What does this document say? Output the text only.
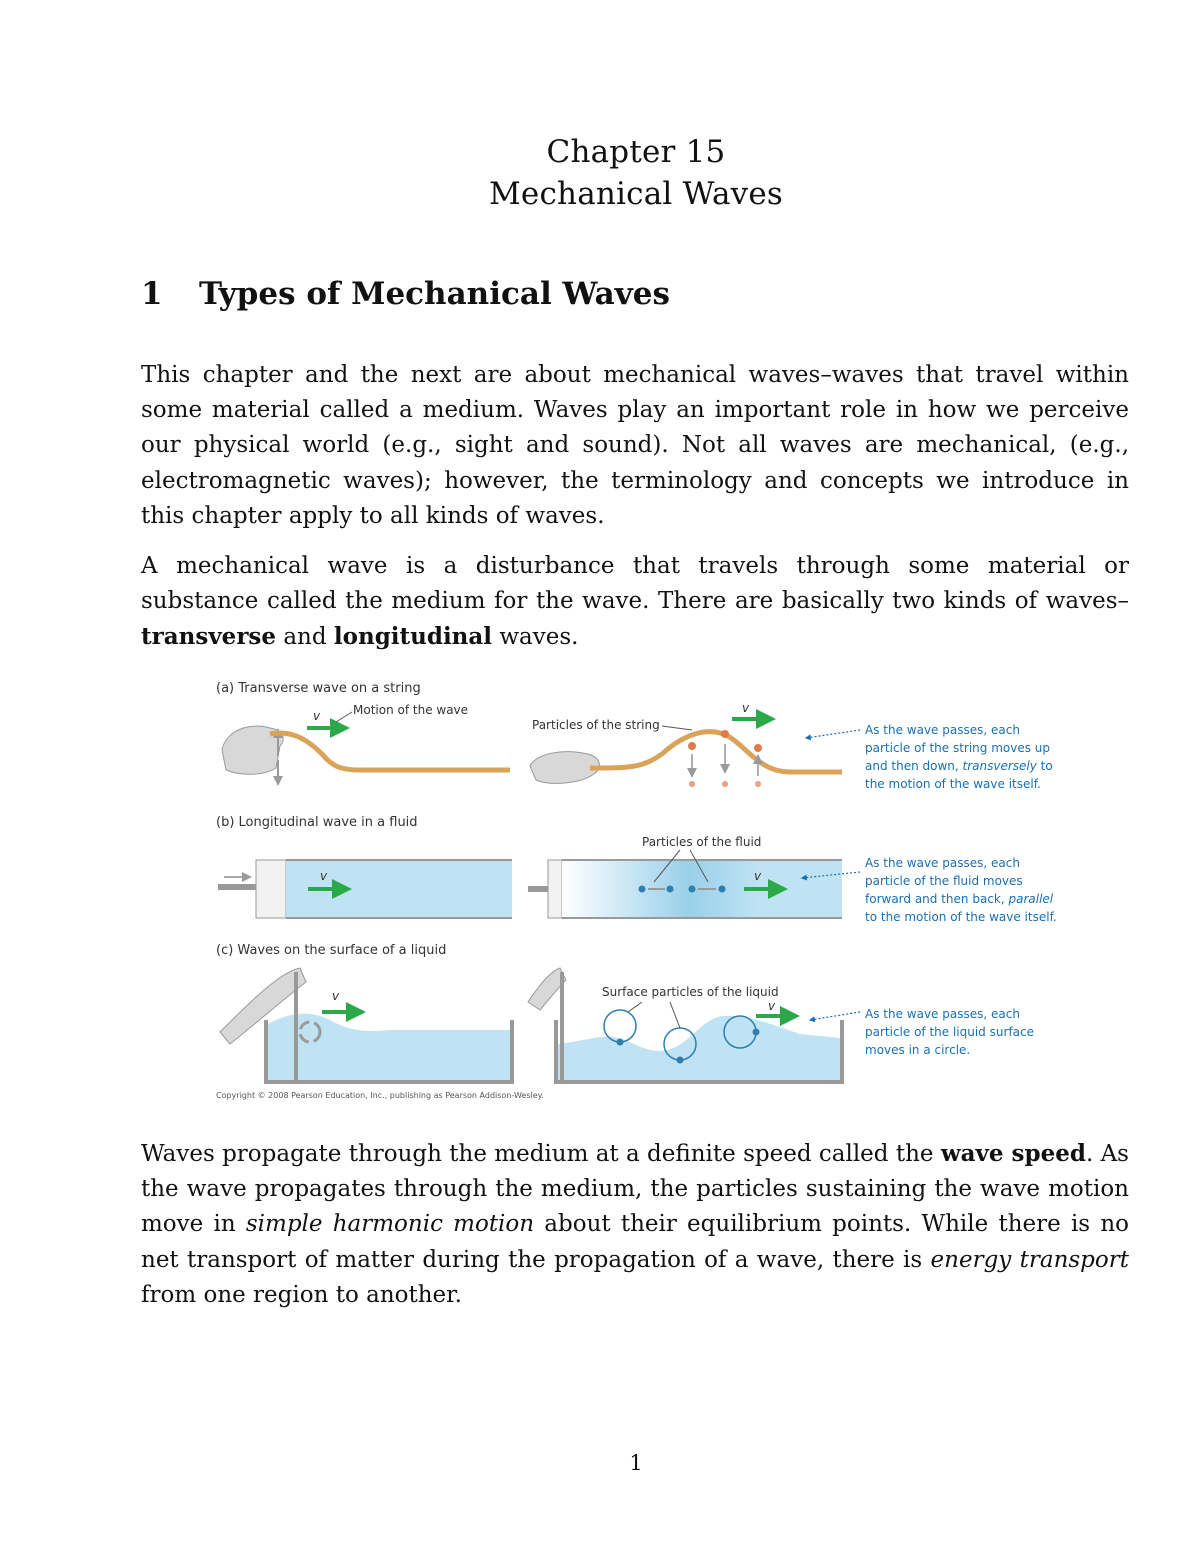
Chapter 15
Mechanical Waves
1 Types of Mechanical Waves
This chapter and the next are about mechanical waves–waves that travel within some material called a medium. Waves play an important role in how we perceive our physical world (e.g., sight and sound). Not all waves are mechanical, (e.g., electromagnetic waves); however, the terminology and concepts we introduce in this chapter apply to all kinds of waves.
A mechanical wave is a disturbance that travels through some material or substance called the medium for the wave. There are basically two kinds of waves–transverse and longitudinal waves.
(a) Transverse wave on a string
v	Motion of the wave
Particles of the string
v
As the wave passes, each particle of the string moves up and then down, transversely to the motion of the wave itself.
(b) Longitudinal wave in a fluid
v
Particles of the fluid
v
As the wave passes, each particle of the fluid moves forward and then back, parallel to the motion of the wave itself.
(c) Waves on the surface of a liquid
v	Surface particles of the liquid
v
As the wave passes, each particle of the liquid surface moves in a circle.
Copyright © 2008 Pearson Education, Inc., publishing as Pearson Addison-Wesley.
Waves propagate through the medium at a definite speed called the wave speed. As the wave propagates through the medium, the particles sustaining the wave motion move in simple harmonic motion about their equilibrium points. While there is no net transport of matter during the propagation of a wave, there is energy transport from one region to another.
1
